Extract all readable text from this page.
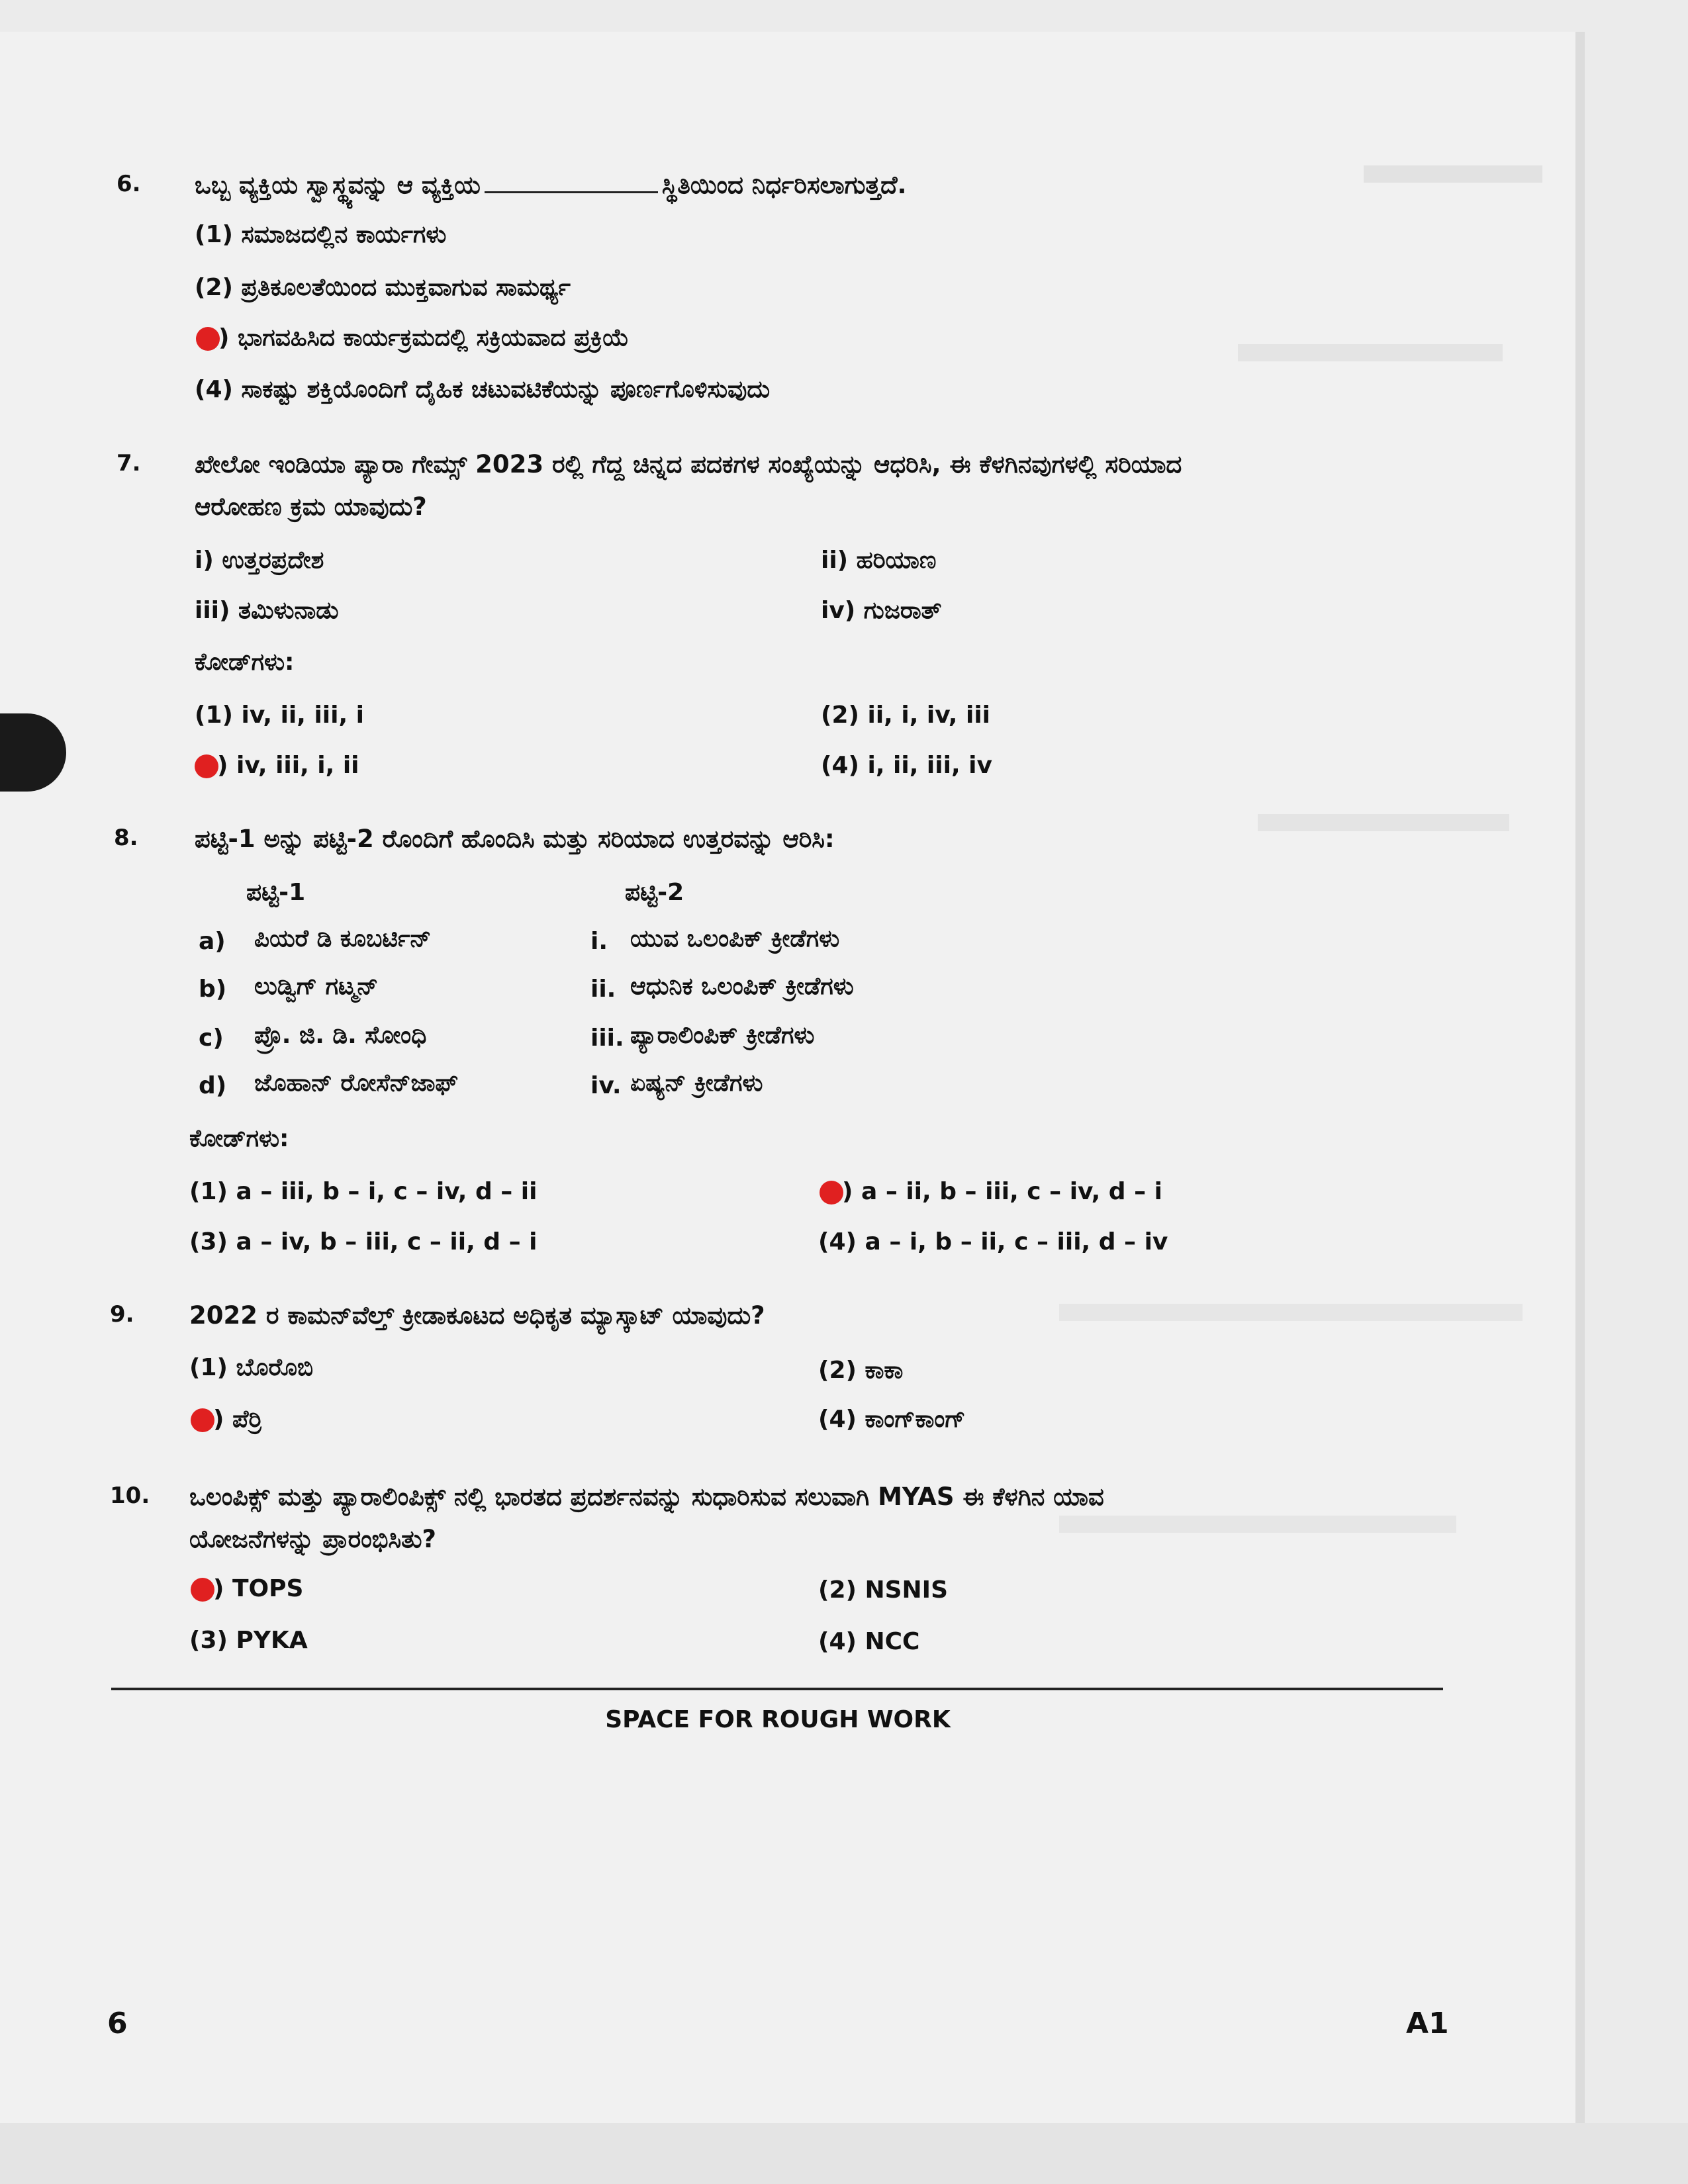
6. ಒಬ್ಬ ವ್ಯಕ್ತಿಯ ಸ್ವಾಸ್ಥ್ಯವನ್ನು ಆ ವ್ಯಕ್ತಿಯ	ಸ್ಥಿತಿಯಿಂದ ನಿರ್ಧರಿಸಲಾಗುತ್ತದೆ.
(1) ಸಮಾಜದಲ್ಲಿನ ಕಾರ್ಯಗಳು
(2) ಪ್ರತಿಕೂಲತೆಯಿಂದ ಮುಕ್ತವಾಗುವ ಸಾಮರ್ಥ್ಯ
) ಭಾಗವಹಿಸಿದ ಕಾರ್ಯಕ್ರಮದಲ್ಲಿ ಸಕ್ರಿಯವಾದ ಪ್ರಕ್ರಿಯೆ
(4) ಸಾಕಷ್ಟು ಶಕ್ತಿಯೊಂದಿಗೆ ದೈಹಿಕ ಚಟುವಟಿಕೆಯನ್ನು ಪೂರ್ಣಗೊಳಿಸುವುದು
7. ಖೇಲೋ ಇಂಡಿಯಾ ಪ್ಯಾರಾ ಗೇಮ್ಸ್ 2023 ರಲ್ಲಿ ಗೆದ್ದ ಚಿನ್ನದ ಪದಕಗಳ ಸಂಖ್ಯೆಯನ್ನು ಆಧರಿಸಿ, ಈ ಕೆಳಗಿನವುಗಳಲ್ಲಿ ಸರಿಯಾದ
ಆರೋಹಣ ಕ್ರಮ ಯಾವುದು?
i) ಉತ್ತರಪ್ರದೇಶ	ii) ಹರಿಯಾಣ
iii) ತಮಿಳುನಾಡು	iv) ಗುಜರಾತ್
ಕೋಡ್‌ಗಳು:
(1) iv, ii, iii, i	(2) ii, i, iv, iii
) iv, iii, i, ii	(4) i, ii, iii, iv
8. ಪಟ್ಟಿ-1 ಅನ್ನು ಪಟ್ಟಿ-2 ರೊಂದಿಗೆ ಹೊಂದಿಸಿ ಮತ್ತು ಸರಿಯಾದ ಉತ್ತರವನ್ನು ಆರಿಸಿ:
ಪಟ್ಟಿ-1	ಪಟ್ಟಿ-2
a) ಪಿಯರೆ ಡಿ ಕೂಬರ್ಟಿನ್	i. ಯುವ ಒಲಂಪಿಕ್ ಕ್ರೀಡೆಗಳು
b) ಲುಡ್ವಿಗ್ ಗಟ್ಮನ್	ii. ಆಧುನಿಕ ಒಲಂಪಿಕ್ ಕ್ರೀಡೆಗಳು
c) ಪ್ರೊ. ಜಿ. ಡಿ. ಸೋಂಧಿ	iii. ಪ್ಯಾರಾಲಿಂಪಿಕ್ ಕ್ರೀಡೆಗಳು
d) ಜೊಹಾನ್ ರೋಸೆನ್‌ಜಾಫ್	iv. ಏಷ್ಯನ್ ಕ್ರೀಡೆಗಳು
ಕೋಡ್‌ಗಳು:
(1) a – iii, b – i, c – iv, d – ii	) a – ii, b – iii, c – iv, d – i
(3) a – iv, b – iii, c – ii, d – i	(4) a – i, b – ii, c – iii, d – iv
9. 2022 ರ ಕಾಮನ್‌ವೆಲ್ತ್ ಕ್ರೀಡಾಕೂಟದ ಅಧಿಕೃತ ಮ್ಯಾಸ್ಕಾಟ್ ಯಾವುದು?
(1) ಬೊರೊಬಿ	(2) ಕಾಕಾ
) ಪೆರ್ರಿ	(4) ಕಾಂಗ್‌ಕಾಂಗ್
10. ಒಲಂಪಿಕ್ಸ್ ಮತ್ತು ಪ್ಯಾರಾಲಿಂಪಿಕ್ಸ್ ನಲ್ಲಿ ಭಾರತದ ಪ್ರದರ್ಶನವನ್ನು ಸುಧಾರಿಸುವ ಸಲುವಾಗಿ MYAS ಈ ಕೆಳಗಿನ ಯಾವ
ಯೋಜನೆಗಳನ್ನು ಪ್ರಾರಂಭಿಸಿತು?
) TOPS	(2) NSNIS
(3) PYKA	(4) NCC
SPACE FOR ROUGH WORK
6	A1
